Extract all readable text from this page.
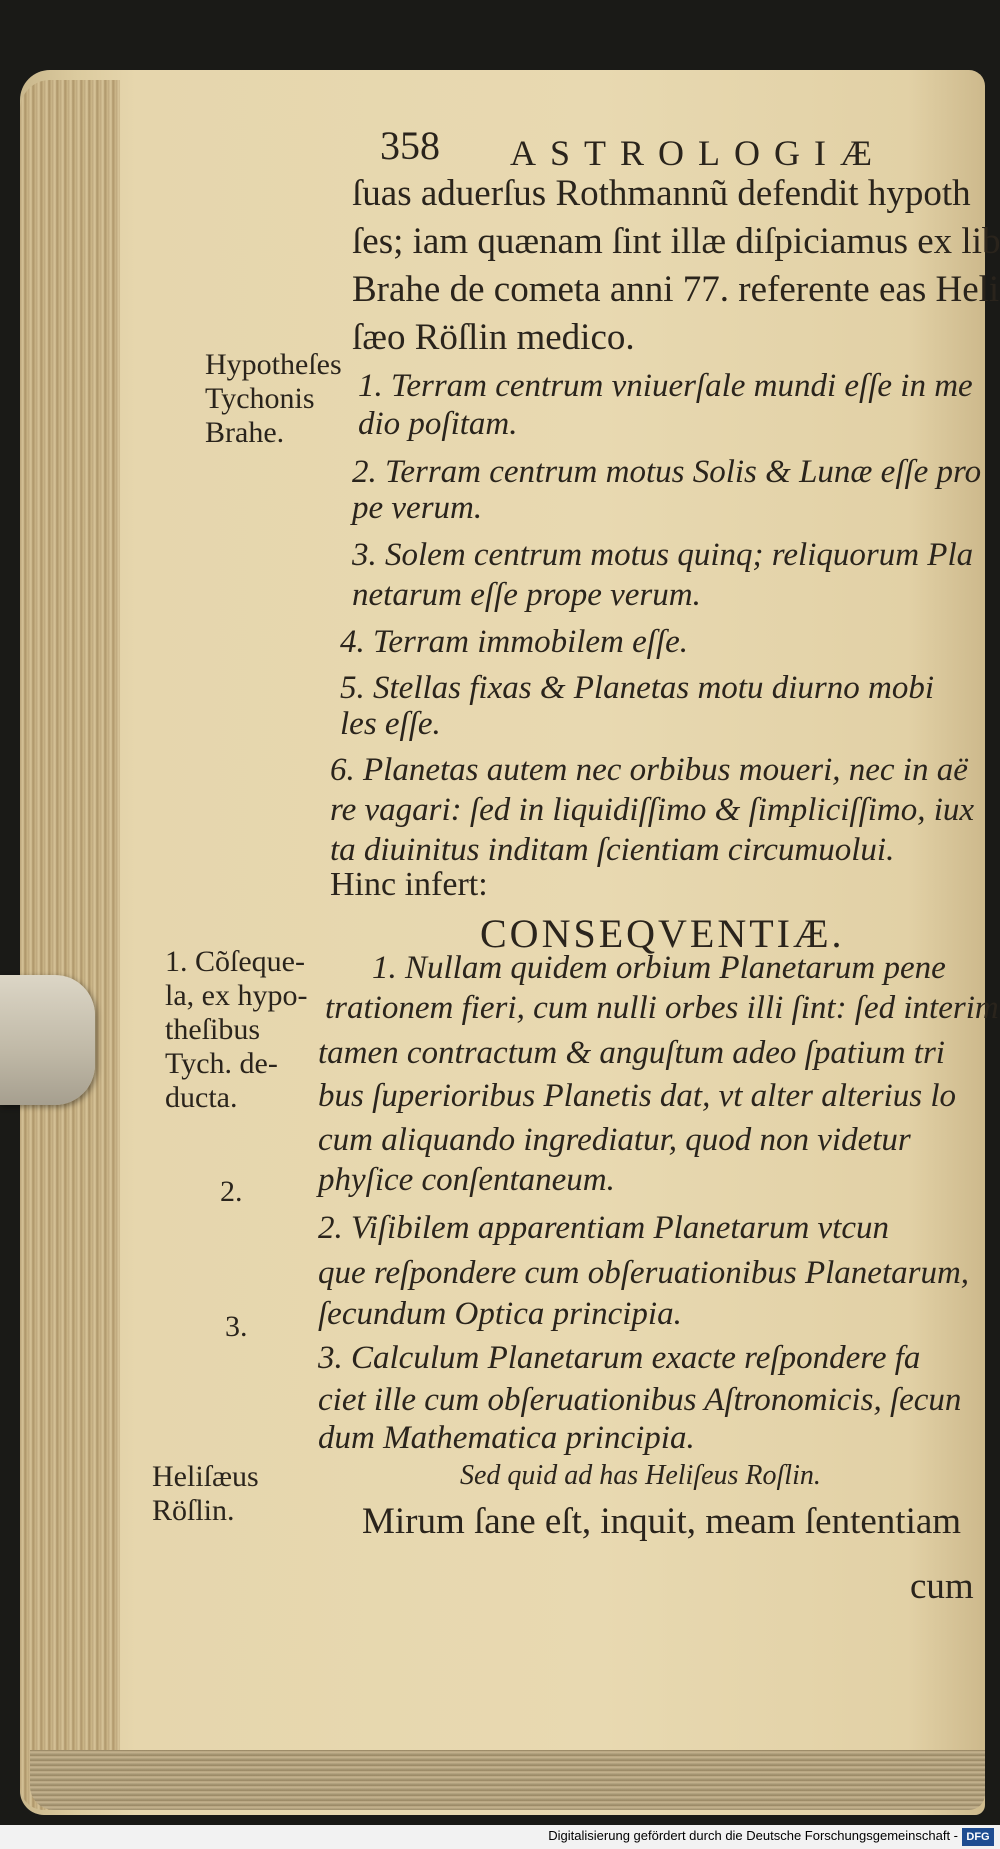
358 ASTROLOGIÆ
ſuas aduerſus Rothmannũ defendit hypoth
ſes; iam quænam ſint illæ diſpiciamus ex lib
Brahe de cometa anni 77. referente eas Heli
ſæo Röſlin medico.
Hypotheſes
Tychonis
Brahe.
1. Terram centrum vniuerſale mundi eſſe in me
dio poſitam.
2. Terram centrum motus Solis & Lunæ eſſe pro
pe verum.
3. Solem centrum motus quinq; reliquorum Pla
netarum eſſe prope verum.
4. Terram immobilem eſſe.
5. Stellas fixas & Planetas motu diurno mobi
les eſſe.
6. Planetas autem nec orbibus moueri, nec in aë
re vagari: ſed in liquidiſſimo & ſimpliciſſimo, iux
ta diuinitus inditam ſcientiam circumuolui.
Hinc infert:
CONSEQVENTIÆ.
1. Cõſeque-
la, ex hypo-
theſibus
Tych. de-
ducta.
2.
3.
1. Nullam quidem orbium Planetarum pene
trationem fieri, cum nulli orbes illi ſint: ſed interim
tamen contractum & anguſtum adeo ſpatium tri
bus ſuperioribus Planetis dat, vt alter alterius lo
cum aliquando ingrediatur, quod non videtur
phyſice conſentaneum.
2. Viſibilem apparentiam Planetarum vtcun
que reſpondere cum obſeruationibus Planetarum,
ſecundum Optica principia.
3. Calculum Planetarum exacte reſpondere fa
ciet ille cum obſeruationibus Aſtronomicis, ſecun
dum Mathematica principia.
Heliſæus
Röſlin.
Sed quid ad has Heliſeus Roſlin.
Mirum ſane eſt, inquit, meam ſententiam
cum
Digitalisierung gefördert durch die Deutsche Forschungsgemeinschaft - DFG
